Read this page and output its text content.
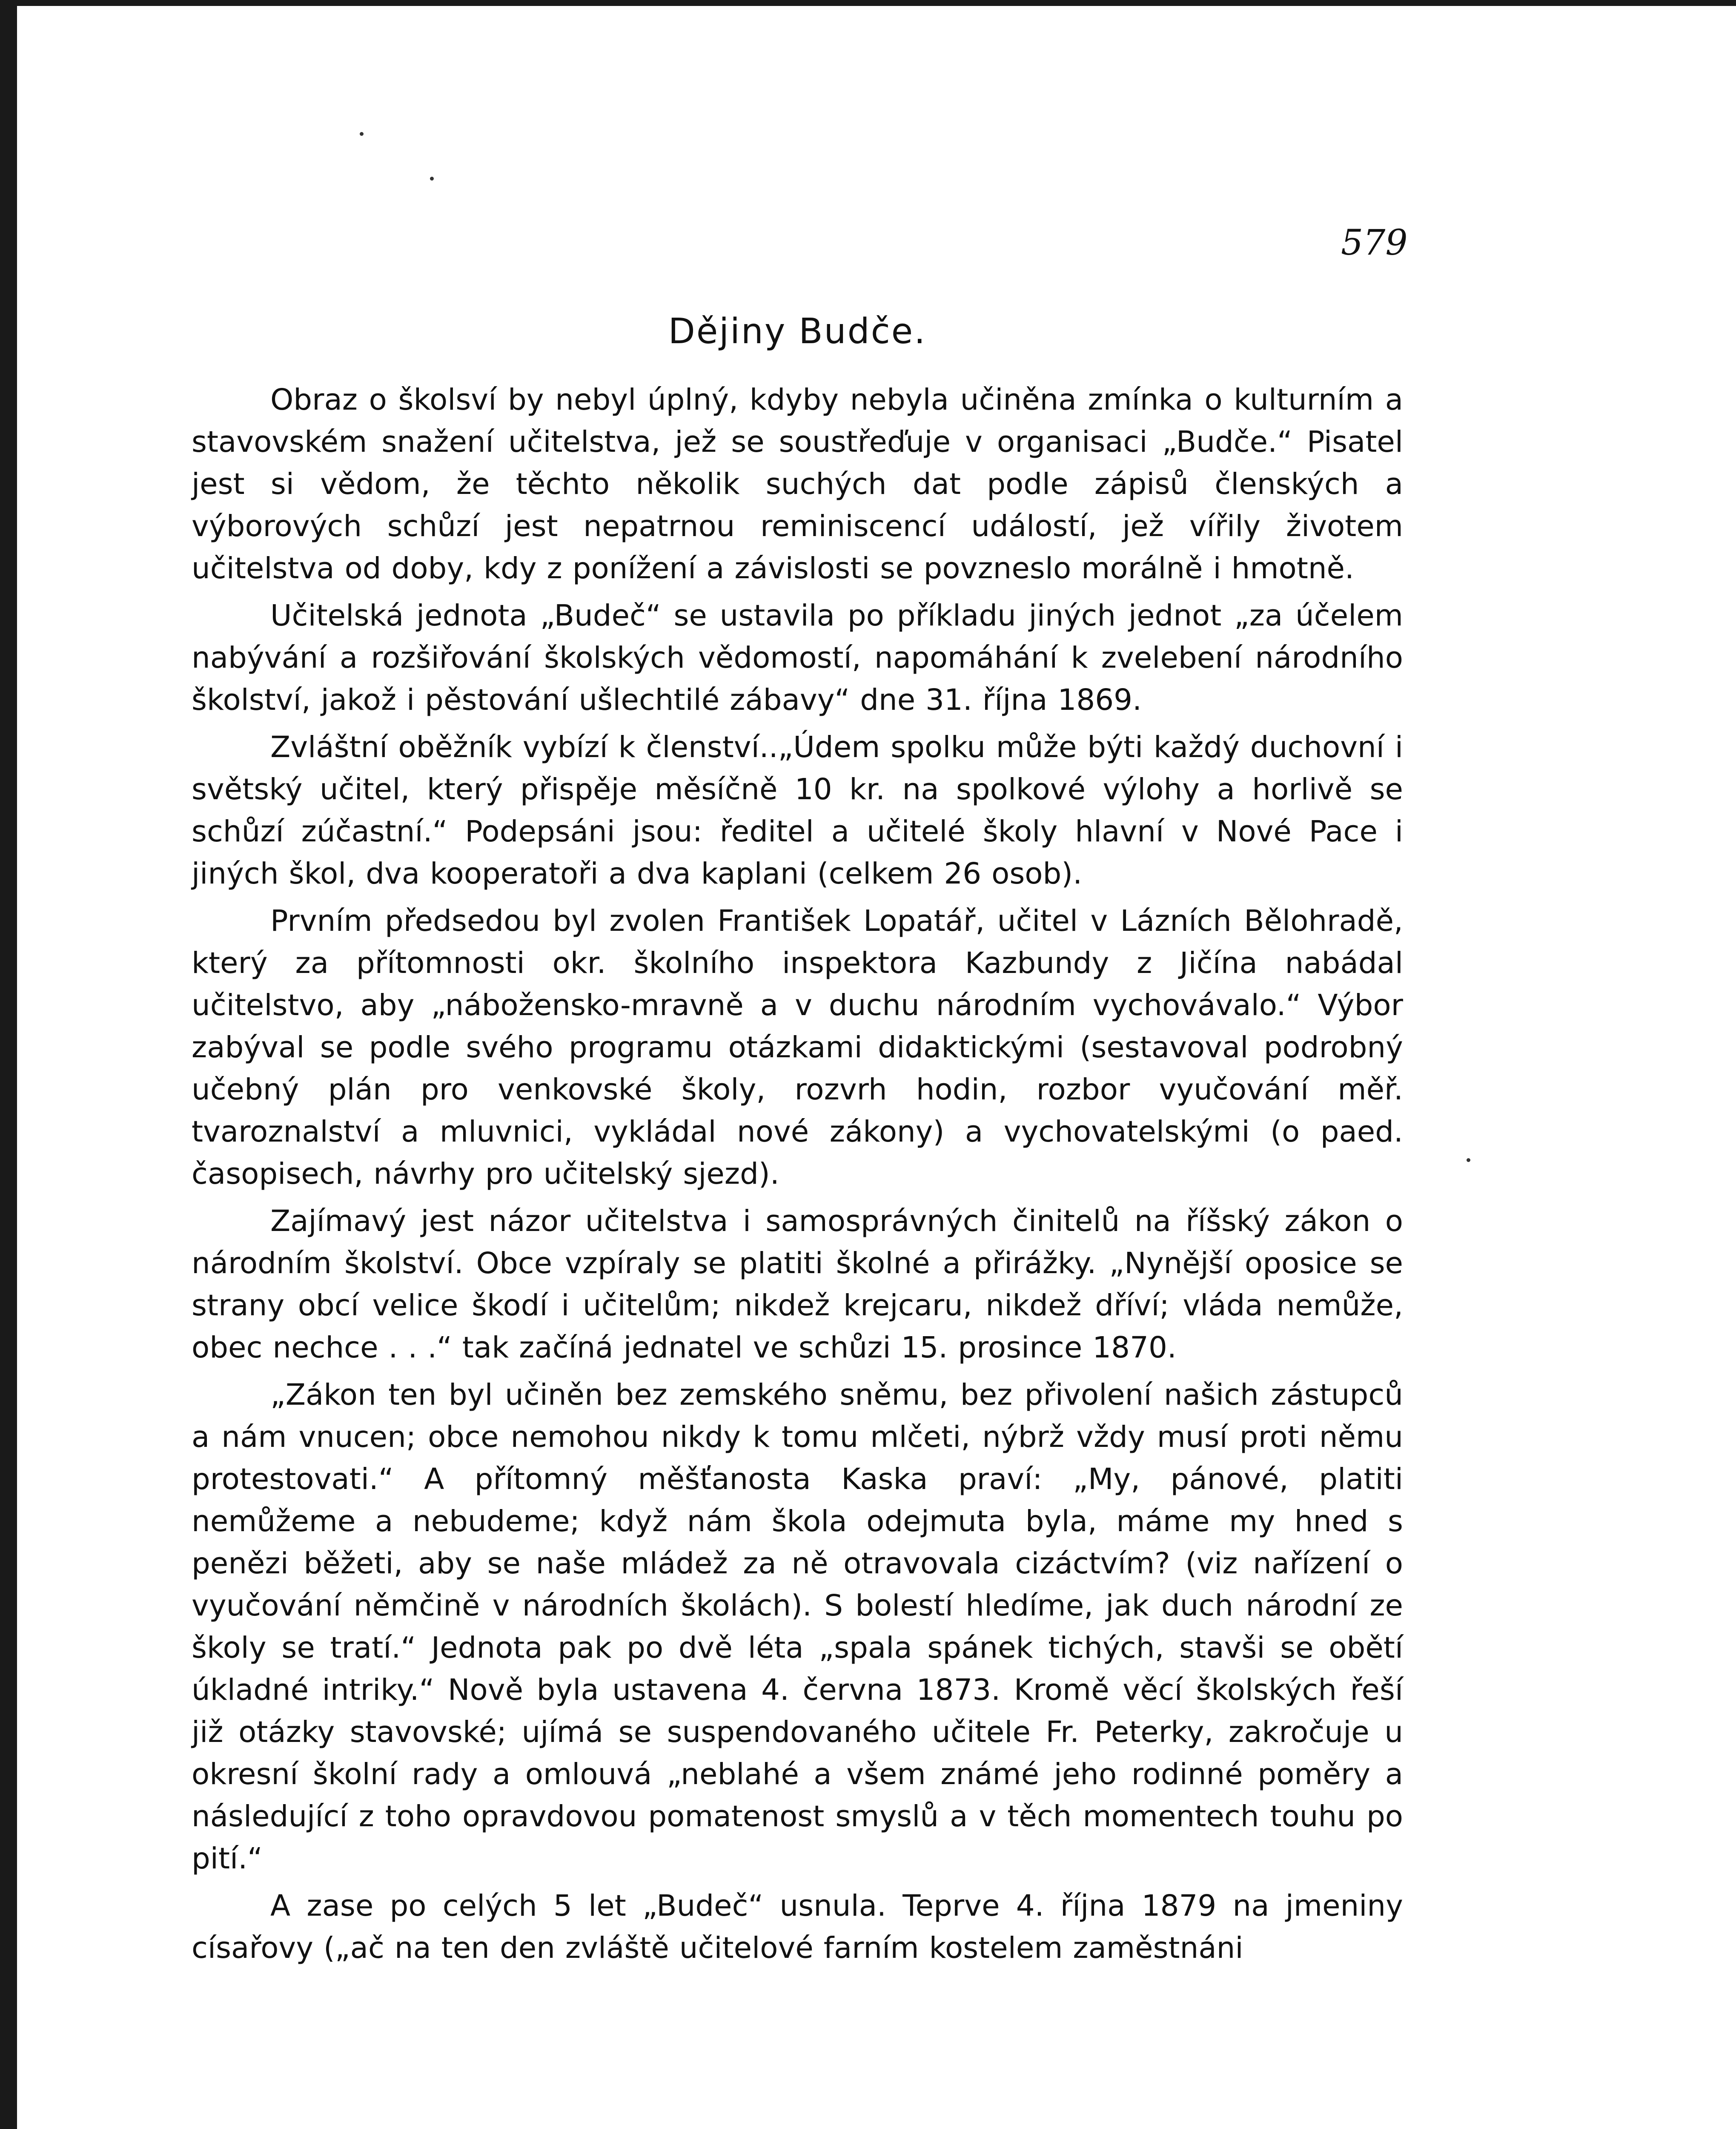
579
Dějiny Budče.

Obraz o školsví by nebyl úplný, kdyby nebyla učiněna zmínka o kulturním a stavovském snažení učitelstva, jež se soustřeďuje v organisaci „Budče.“ Pisatel jest si vědom, že těchto několik suchých dat podle zápisů členských a výborových schůzí jest nepatrnou reminiscencí událostí, jež vířily životem učitelstva od doby, kdy z ponížení a závislosti se povzneslo morálně i hmotně.

Učitelská jednota „Budeč“ se ustavila po příkladu jiných jednot „za účelem nabývání a rozšiřování školských vědomostí, napomáhání k zvelebení národního školství, jakož i pěstování ušlechtilé zábavy“ dne 31. října 1869.

Zvláštní oběžník vybízí k členství..„Údem spolku může býti každý duchovní i světský učitel, který přispěje měsíčně 10 kr. na spolkové výlohy a horlivě se schůzí zúčastní.“ Podepsáni jsou: ředitel a učitelé školy hlavní v Nové Pace i jiných škol, dva kooperatoři a dva kaplani (celkem 26 osob).

Prvním předsedou byl zvolen František Lopatář, učitel v Lázních Bělohradě, který za přítomnosti okr. školního inspektora Kazbundy z Jičína nabádal učitelstvo, aby „nábožensko-mravně a v duchu národním vychovávalo.“ Výbor zabýval se podle svého programu otázkami didaktickými (sestavoval podrobný učebný plán pro venkovské školy, rozvrh hodin, rozbor vyučování měř. tvaroznalství a mluvnici, vykládal nové zákony) a vychovatelskými (o paed. časopisech, návrhy pro učitelský sjezd).

Zajímavý jest názor učitelstva i samosprávných činitelů na říšský zákon o národním školství. Obce vzpíraly se platiti školné a přirážky. „Nynější oposice se strany obcí velice škodí i učitelům; nikdež krejcaru, nikdež dříví; vláda nemůže, obec nechce . . .“ tak začíná jednatel ve schůzi 15. prosince 1870.

„Zákon ten byl učiněn bez zemského sněmu, bez přivolení našich zástupců a nám vnucen; obce nemohou nikdy k tomu mlčeti, nýbrž vždy musí proti němu protestovati.“ A přítomný měšťanosta Kaska praví: „My, pánové, platiti nemůžeme a nebudeme; když nám škola odejmuta byla, máme my hned s penězi běžeti, aby se naše mládež za ně otravovala cizáctvím? (viz nařízení o vyučování němčině v národních školách). S bolestí hledíme, jak duch národní ze školy se tratí.“ Jednota pak po dvě léta „spala spánek tichých, stavši se obětí úkladné intriky.“ Nově byla ustavena 4. června 1873. Kromě věcí školských řeší již otázky stavovské; ujímá se suspendovaného učitele Fr. Peterky, zakročuje u okresní školní rady a omlouvá „neblahé a všem známé jeho rodinné poměry a následující z toho opravdovou pomatenost smyslů a v těch momentech touhu po pití.“

A zase po celých 5 let „Budeč“ usnula. Teprve 4. října 1879 na jmeniny císařovy („ač na ten den zvláště učitelové farním kostelem zaměstnáni
